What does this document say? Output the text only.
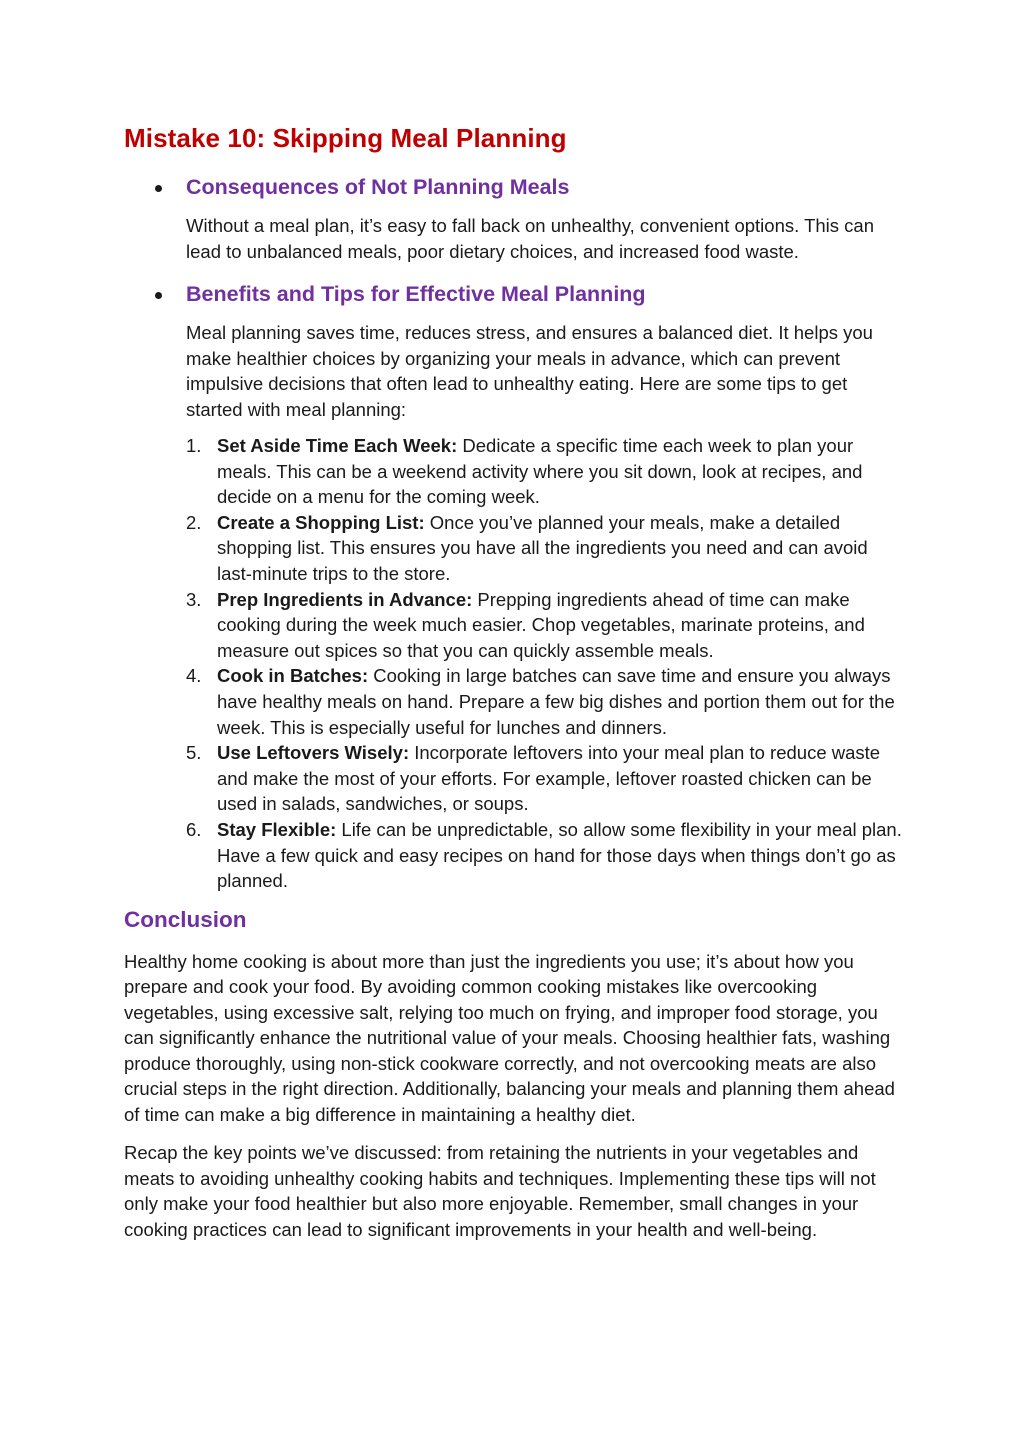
Mistake 10: Skipping Meal Planning
Consequences of Not Planning Meals

Without a meal plan, it’s easy to fall back on unhealthy, convenient options. This can lead to unbalanced meals, poor dietary choices, and increased food waste.

Benefits and Tips for Effective Meal Planning

Meal planning saves time, reduces stress, and ensures a balanced diet. It helps you make healthier choices by organizing your meals in advance, which can prevent impulsive decisions that often lead to unhealthy eating. Here are some tips to get started with meal planning:

1. Set Aside Time Each Week: Dedicate a specific time each week to plan your meals. This can be a weekend activity where you sit down, look at recipes, and decide on a menu for the coming week.
2. Create a Shopping List: Once you’ve planned your meals, make a detailed shopping list. This ensures you have all the ingredients you need and can avoid last-minute trips to the store.
3. Prep Ingredients in Advance: Prepping ingredients ahead of time can make cooking during the week much easier. Chop vegetables, marinate proteins, and measure out spices so that you can quickly assemble meals.
4. Cook in Batches: Cooking in large batches can save time and ensure you always have healthy meals on hand. Prepare a few big dishes and portion them out for the week. This is especially useful for lunches and dinners.
5. Use Leftovers Wisely: Incorporate leftovers into your meal plan to reduce waste and make the most of your efforts. For example, leftover roasted chicken can be used in salads, sandwiches, or soups.
6. Stay Flexible: Life can be unpredictable, so allow some flexibility in your meal plan. Have a few quick and easy recipes on hand for those days when things don’t go as planned.
Conclusion

Healthy home cooking is about more than just the ingredients you use; it’s about how you prepare and cook your food. By avoiding common cooking mistakes like overcooking vegetables, using excessive salt, relying too much on frying, and improper food storage, you can significantly enhance the nutritional value of your meals. Choosing healthier fats, washing produce thoroughly, using non-stick cookware correctly, and not overcooking meats are also crucial steps in the right direction. Additionally, balancing your meals and planning them ahead of time can make a big difference in maintaining a healthy diet.

Recap the key points we’ve discussed: from retaining the nutrients in your vegetables and meats to avoiding unhealthy cooking habits and techniques. Implementing these tips will not only make your food healthier but also more enjoyable. Remember, small changes in your cooking practices can lead to significant improvements in your health and well-being.
